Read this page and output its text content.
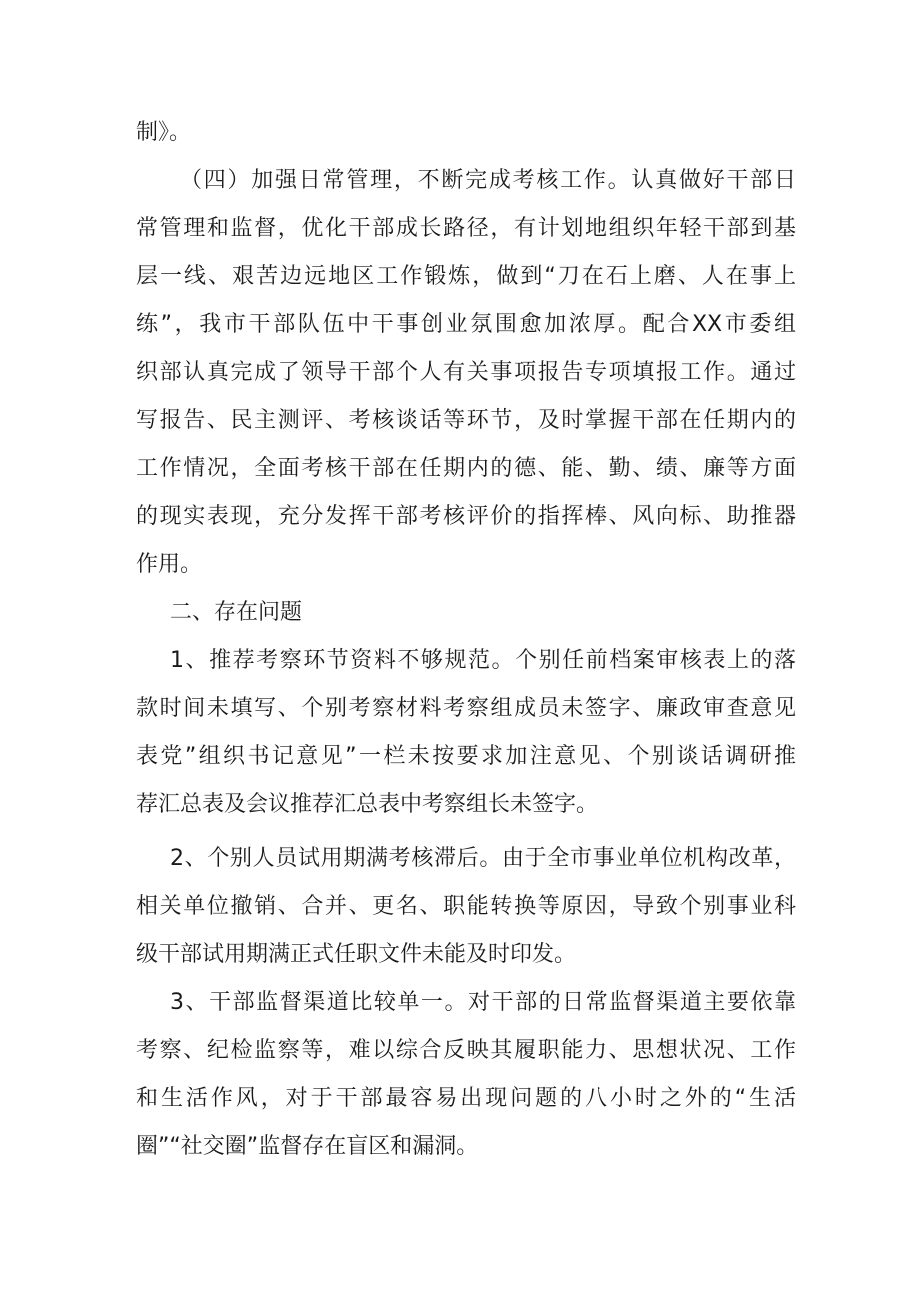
制》。
（四）加强日常管理，不断完成考核工作。认真做好干部日
常管理和监督，优化干部成长路径，有计划地组织年轻干部到基
层一线、艰苦边远地区工作锻炼，做到“刀在石上磨、人在事上
练”，我市干部队伍中干事创业氛围愈加浓厚。配合XX市委组
织部认真完成了领导干部个人有关事项报告专项填报工作。通过
写报告、民主测评、考核谈话等环节，及时掌握干部在任期内的
工作情况，全面考核干部在任期内的德、能、勤、绩、廉等方面
的现实表现，充分发挥干部考核评价的指挥棒、风向标、助推器
作用。
二、存在问题
1、推荐考察环节资料不够规范。个别任前档案审核表上的落
款时间未填写、个别考察材料考察组成员未签字、廉政审查意见
表党”组织书记意见”一栏未按要求加注意见、个别谈话调研推
荐汇总表及会议推荐汇总表中考察组长未签字。
2、个别人员试用期满考核滞后。由于全市事业单位机构改革，
相关单位撤销、合并、更名、职能转换等原因，导致个别事业科
级干部试用期满正式任职文件未能及时印发。
3、干部监督渠道比较单一。对干部的日常监督渠道主要依靠
考察、纪检监察等，难以综合反映其履职能力、思想状况、工作
和生活作风，对于干部最容易出现问题的八小时之外的“生活
圈”“社交圈”监督存在盲区和漏洞。
